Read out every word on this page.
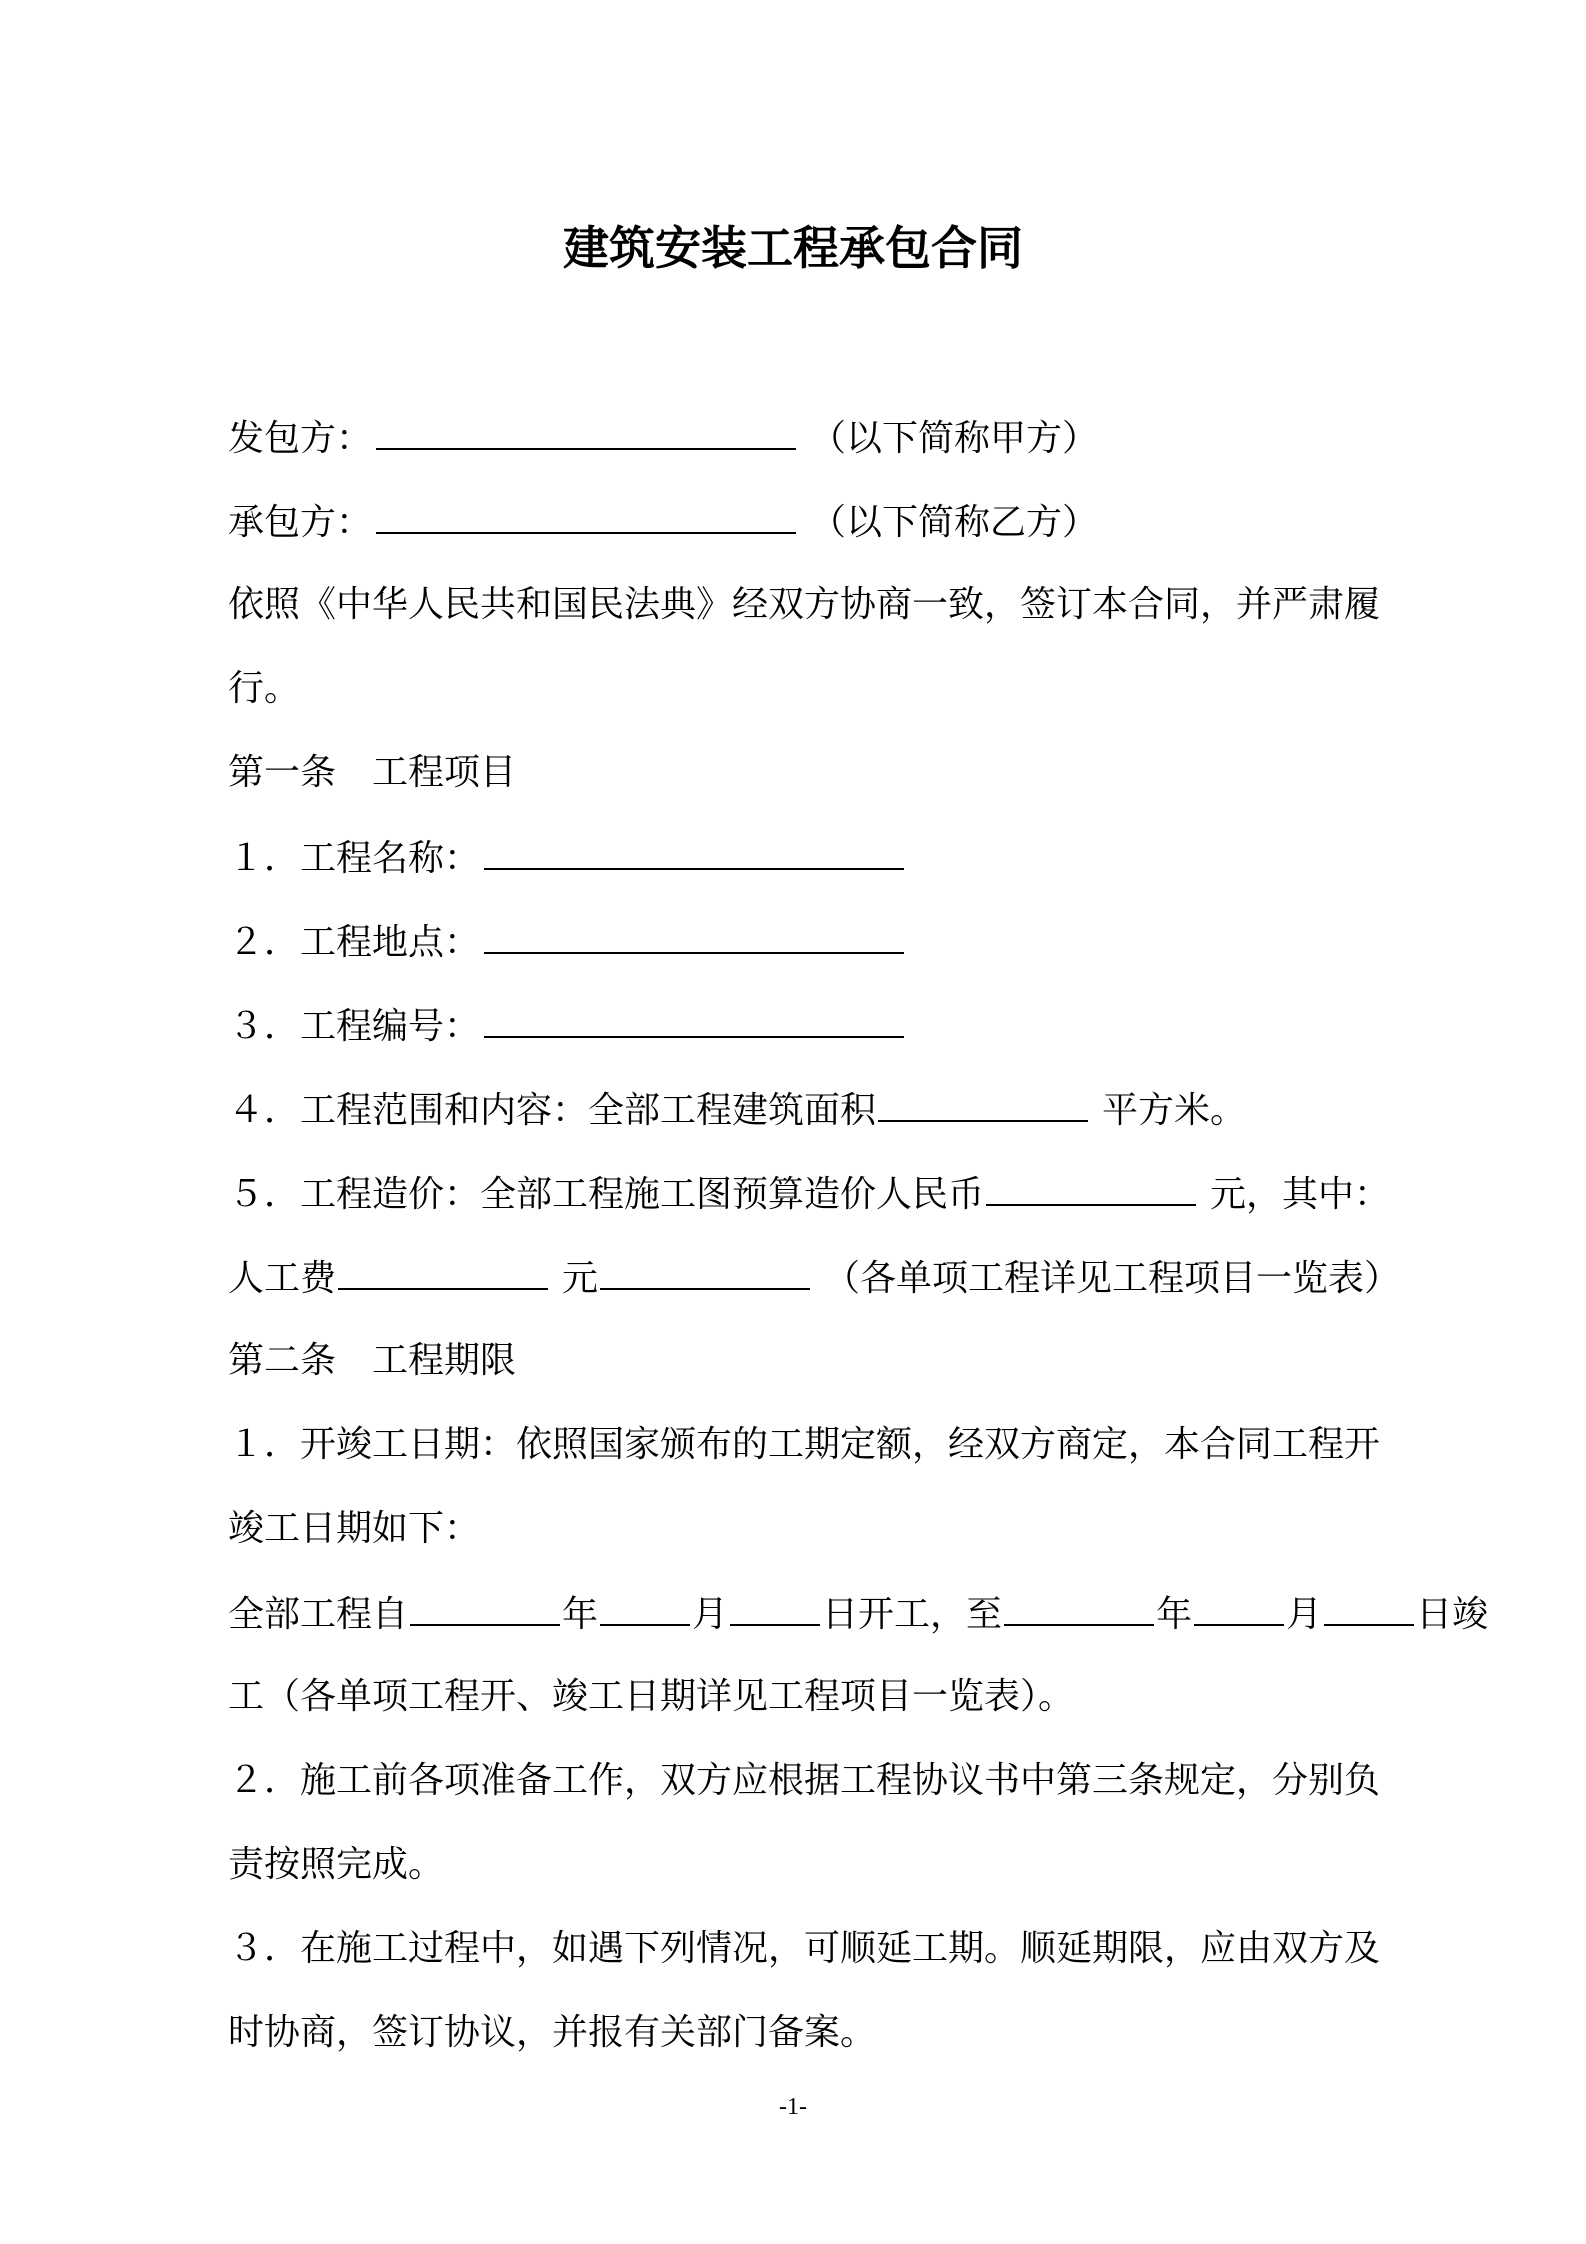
建筑安装工程承包合同
发包方：	（以下简称甲方）
承包方：	（以下简称乙方）
依照《中华人民共和国民法典》经双方协商一致，签订本合同，并严肃履
行。
第一条　工程项目
１．工程名称：
２．工程地点：
３．工程编号：
４．工程范围和内容：全部工程建筑面积	平方米。
５．工程造价：全部工程施工图预算造价人民币	元，其中：
人工费	元	（各单项工程详见工程项目一览表）
第二条　工程期限
１．开竣工日期：依照国家颁布的工期定额，经双方商定，本合同工程开
竣工日期如下：
全部工程自	年	月	日开工，至	年	月	日竣
工（各单项工程开、竣工日期详见工程项目一览表）。
２．施工前各项准备工作，双方应根据工程协议书中第三条规定，分别负
责按照完成。
３．在施工过程中，如遇下列情况，可顺延工期。顺延期限，应由双方及
时协商，签订协议，并报有关部门备案。
-1-
